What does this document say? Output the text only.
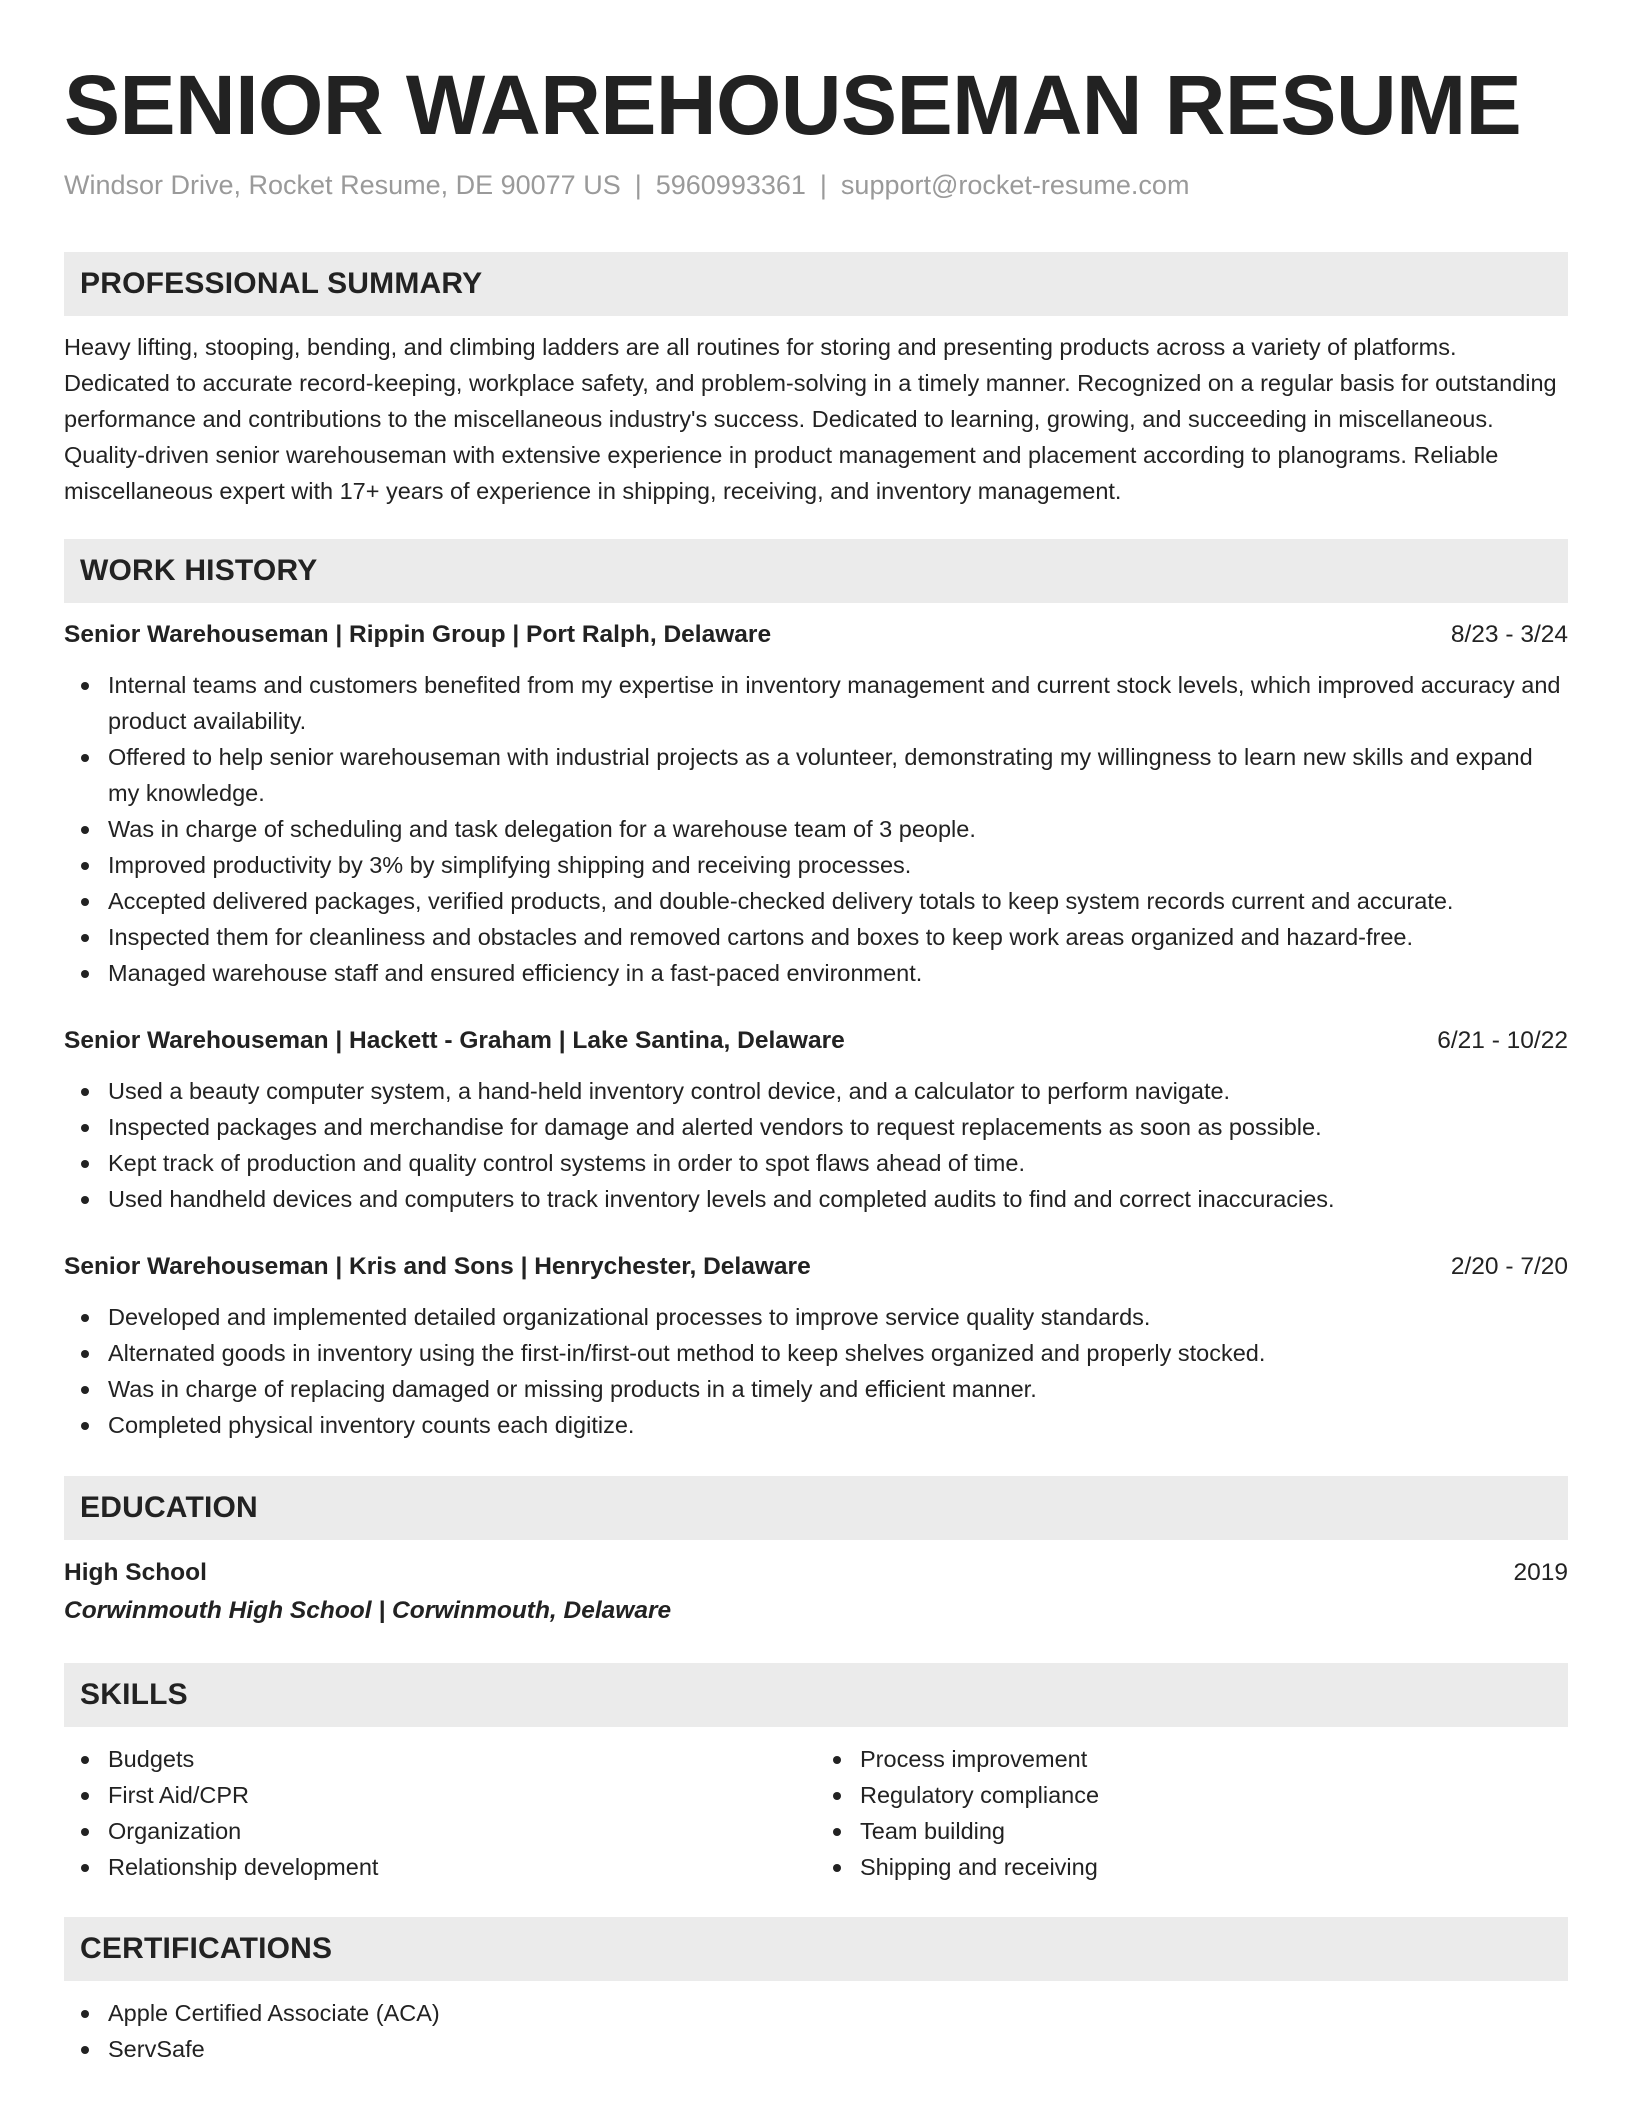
SENIOR WAREHOUSEMAN RESUME
Windsor Drive, Rocket Resume, DE 90077 US | 5960993361 | support@rocket-resume.com
PROFESSIONAL SUMMARY

Heavy lifting, stooping, bending, and climbing ladders are all routines for storing and presenting products across a variety of platforms. Dedicated to accurate record-keeping, workplace safety, and problem-solving in a timely manner. Recognized on a regular basis for outstanding performance and contributions to the miscellaneous industry's success. Dedicated to learning, growing, and succeeding in miscellaneous. Quality-driven senior warehouseman with extensive experience in product management and placement according to planograms. Reliable miscellaneous expert with 17+ years of experience in shipping, receiving, and inventory management.

WORK HISTORY
Senior Warehouseman | Rippin Group | Port Ralph, Delaware	8/23 - 3/24
Internal teams and customers benefited from my expertise in inventory management and current stock levels, which improved accuracy and product availability.
Offered to help senior warehouseman with industrial projects as a volunteer, demonstrating my willingness to learn new skills and expand my knowledge.
Was in charge of scheduling and task delegation for a warehouse team of 3 people.
Improved productivity by 3% by simplifying shipping and receiving processes.
Accepted delivered packages, verified products, and double-checked delivery totals to keep system records current and accurate.
Inspected them for cleanliness and obstacles and removed cartons and boxes to keep work areas organized and hazard-free.
Managed warehouse staff and ensured efficiency in a fast-paced environment.
Senior Warehouseman | Hackett - Graham | Lake Santina, Delaware	6/21 - 10/22
Used a beauty computer system, a hand-held inventory control device, and a calculator to perform navigate.
Inspected packages and merchandise for damage and alerted vendors to request replacements as soon as possible.
Kept track of production and quality control systems in order to spot flaws ahead of time.
Used handheld devices and computers to track inventory levels and completed audits to find and correct inaccuracies.
Senior Warehouseman | Kris and Sons | Henrychester, Delaware	2/20 - 7/20
Developed and implemented detailed organizational processes to improve service quality standards.
Alternated goods in inventory using the first-in/first-out method to keep shelves organized and properly stocked.
Was in charge of replacing damaged or missing products in a timely and efficient manner.
Completed physical inventory counts each digitize.
EDUCATION
High School	2019
Corwinmouth High School | Corwinmouth, Delaware
SKILLS
Budgets
First Aid/CPR
Organization
Relationship development
Process improvement
Regulatory compliance
Team building
Shipping and receiving
CERTIFICATIONS
Apple Certified Associate (ACA)
ServSafe
